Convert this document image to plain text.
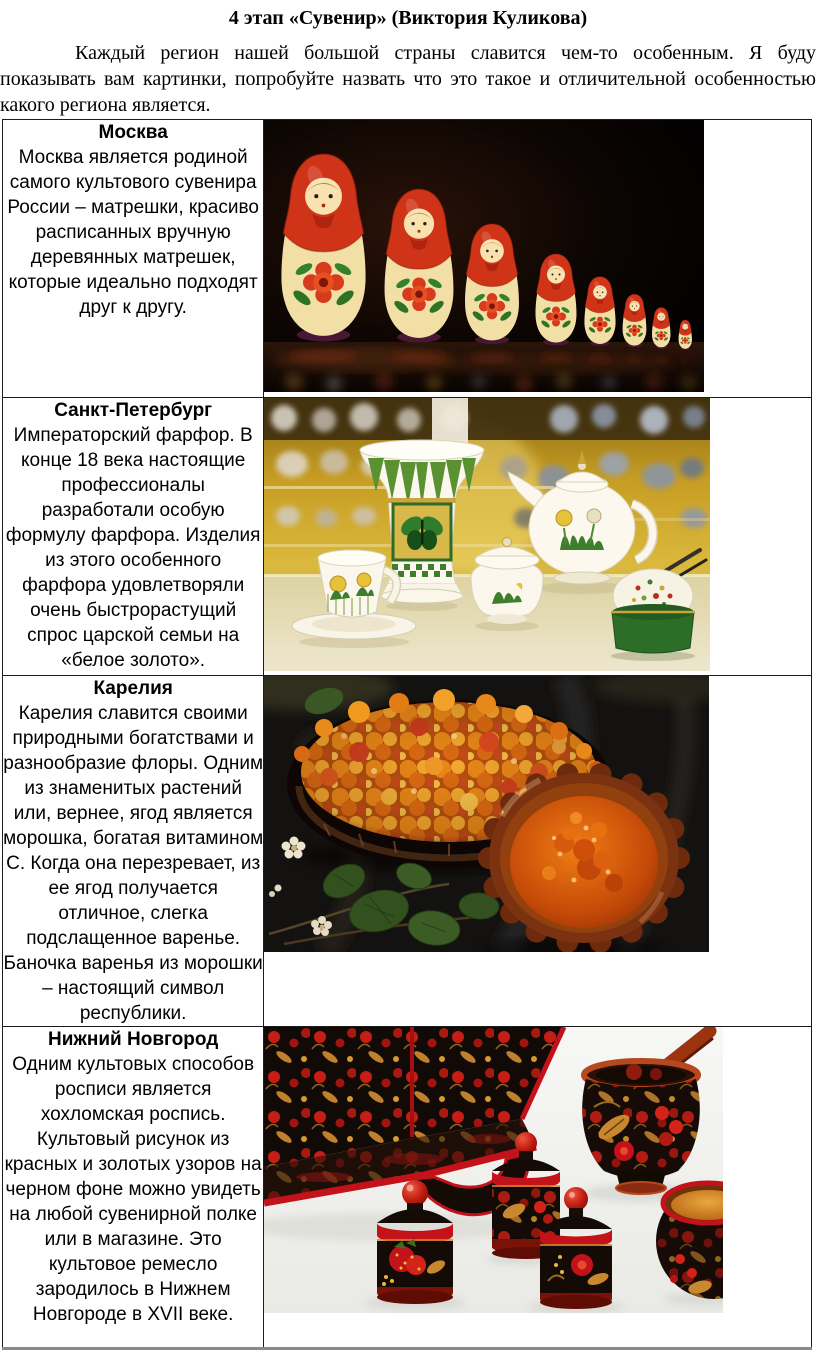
4 этап «Сувенир» (Виктория Куликова)

Каждый регион нашей большой страны славится чем-то особенным. Я буду показывать вам картинки, попробуйте назвать что это такое и отличительной особенностью какого региона является.

Москва
Москва является родиной самого культового сувенира России – матрешки, красиво расписанных вручную деревянных матрешек, которые идеально подходят друг к другу.

Санкт-Петербург
Императорский фарфор. В конце 18 века настоящие профессионалы разработали особую формулу фарфора. Изделия из этого особенного фарфора удовлетворяли очень быстрорастущий спрос царской семьи на «белое золото».

Карелия
Карелия славится своими природными богатствами и разнообразие флоры. Одним из знаменитых растений или, вернее, ягод является морошка, богатая витамином С. Когда она перезревает, из ее ягод получается отличное, слегка подслащенное варенье. Баночка варенья из морошки – настоящий символ республики.

Нижний Новгород
Одним культовых способов росписи является хохломская роспись. Культовый рисунок из красных и золотых узоров на черном фоне можно увидеть на любой сувенирной полке или в магазине. Это культовое ремесло зародилось в Нижнем Новгороде в XVII веке.
